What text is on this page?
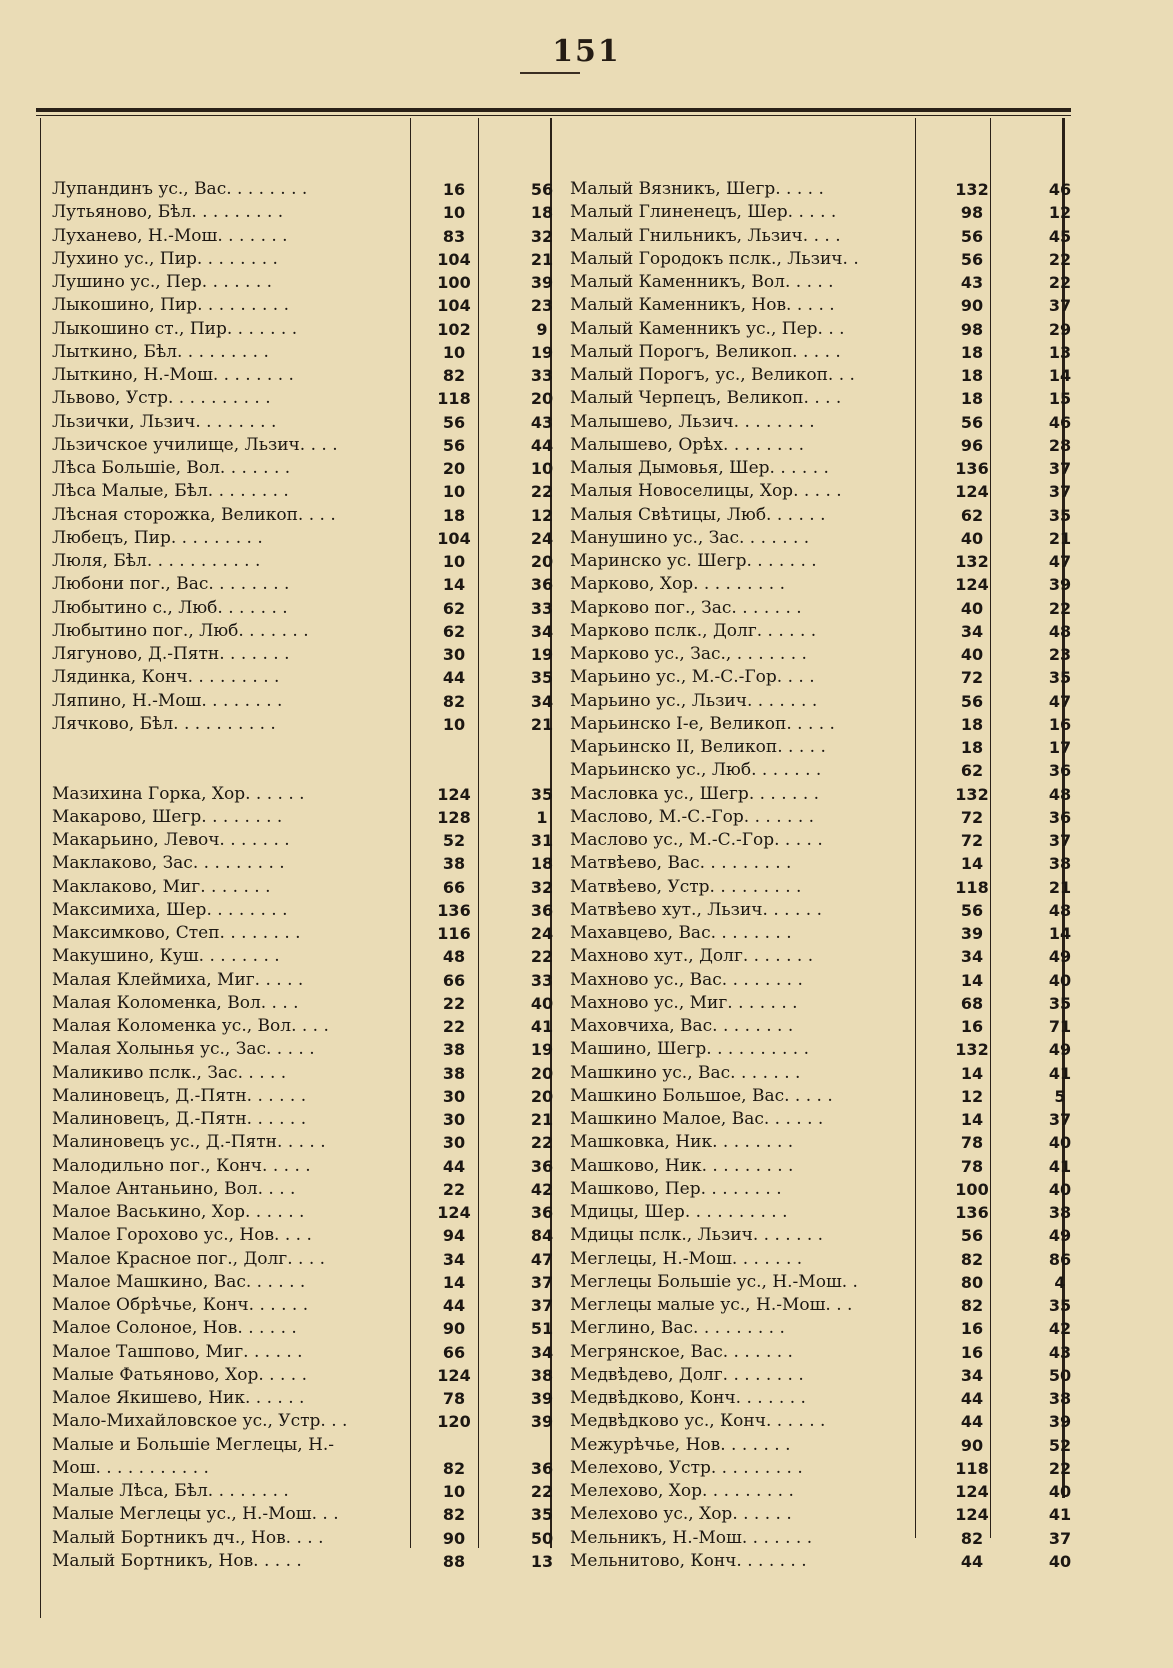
151
Лупандинъ ус., Вас. . . . . . . .	16	56
Лутьяново, Бѣл. . . . . . . . .	10	18
Луханево, Н.-Мош. . . . . . .	83	32
Лухино ус., Пир. . . . . . . .	104	21
Лушино ус., Пер. . . . . . .	100	39
Лыкошино, Пир. . . . . . . . .	104	23
Лыкошино ст., Пир. . . . . . .	102	9
Лыткино, Бѣл. . . . . . . . .	10	19
Лыткино, Н.-Мош. . . . . . . .	82	33
Львово, Устр. . . . . . . . . .	118	20
Льзички, Льзич. . . . . . . .	56	43
Льзичское училище, Льзич. . . .	56	44
Лѣса Большіе, Вол. . . . . . .	20	10
Лѣса Малые, Бѣл. . . . . . . .	10	22
Лѣсная сторожка, Великоп. . . .	18	12
Любецъ, Пир. . . . . . . . .	104	24
Люля, Бѣл. . . . . . . . . . .	10	20
Любони пог., Вас. . . . . . . .	14	36
Любытино с., Люб. . . . . . .	62	33
Любытино пог., Люб. . . . . . .	62	34
Лягуново, Д.-Пятн. . . . . . .	30	19
Лядинка, Конч. . . . . . . . .	44	35
Ляпино, Н.-Мош. . . . . . . .	82	34
Лячково, Бѣл. . . . . . . . . .	10	21
Мазихина Горка, Хор. . . . . .	124	35
Макарово, Шегр. . . . . . . .	128	1
Макарьино, Левоч. . . . . . .	52	31
Маклаково, Зас. . . . . . . . .	38	18
Маклаково, Миг. . . . . . .	66	32
Максимиха, Шер. . . . . . . .	136	36
Максимково, Степ. . . . . . . .	116	24
Макушино, Куш. . . . . . . .	48	22
Малая Клеймиха, Миг. . . . .	66	33
Малая Коломенка, Вол. . . .	22	40
Малая Коломенка ус., Вол. . . .	22	41
Малая Холынья ус., Зас. . . . .	38	19
Маликиво пслк., Зас. . . . .	38	20
Малиновецъ, Д.-Пятн. . . . . .	30	20
Малиновецъ, Д.-Пятн. . . . . .	30	21
Малиновецъ ус., Д.-Пятн. . . . .	30	22
Малодильно пог., Конч. . . . .	44	36
Малое Антаньино, Вол. . . .	22	42
Малое Васькино, Хор. . . . . .	124	36
Малое Горохово ус., Нов. . . .	94	84
Малое Красное пог., Долг. . . .	34	47
Малое Машкино, Вас. . . . . .	14	37
Малое Обрѣчье, Конч. . . . . .	44	37
Малое Солоное, Нов. . . . . .	90	51
Малое Ташпово, Миг. . . . . .	66	34
Малые Фатьяново, Хор. . . . .	124	38
Малое Якишево, Ник. . . . . .	78	39
Мало-Михайловское ус., Устр. . .	120	39
Малые и Большіе Меглецы, Н.-
Мош. . . . . . . . . . .	82	36
Малые Лѣса, Бѣл. . . . . . . .	10	22
Малые Меглецы ус., Н.-Мош. . .	82	35
Малый Бортникъ дч., Нов. . . .	90	50
Малый Бортникъ, Нов. . . . .	88	13
Малый Вязникъ, Шегр. . . . .	132	46
Малый Глиненецъ, Шер. . . . .	98	12
Малый Гнильникъ, Льзич. . . .	56	45
Малый Городокъ пслк., Льзич. .	56	22
Малый Каменникъ, Вол. . . . .	43	22
Малый Каменникъ, Нов. . . . .	90	37
Малый Каменникъ ус., Пер. . .	98	29
Малый Порогъ, Великоп. . . . .	18	13
Малый Порогъ, ус., Великоп. . .	18	14
Малый Черпецъ, Великоп. . . .	18	15
Малышево, Льзич. . . . . . . .	56	46
Малышево, Орѣх. . . . . . . .	96	28
Малыя Дымовья, Шер. . . . . .	136	37
Малыя Новоселицы, Хор. . . . .	124	37
Малыя Свѣтицы, Люб. . . . . .	62	35
Манушино ус., Зас. . . . . . .	40	21
Маринско ус. Шегр. . . . . . .	132	47
Марково, Хор. . . . . . . . .	124	39
Марково пог., Зас. . . . . . .	40	22
Марково пслк., Долг. . . . . .	34	48
Марково ус., Зас., . . . . . . .	40	23
Марьино ус., М.-С.-Гор. . . .	72	35
Марьино ус., Льзич. . . . . . .	56	47
Марьинско I-е, Великоп. . . . .	18	16
Марьинско II, Великоп. . . . .	18	17
Марьинско ус., Люб. . . . . . .	62	36
Масловка ус., Шегр. . . . . . .	132	48
Маслово, М.-С.-Гор. . . . . . .	72	36
Маслово ус., М.-С.-Гор. . . . .	72	37
Матвѣево, Вас. . . . . . . . .	14	38
Матвѣево, Устр. . . . . . . . .	118	21
Матвѣево хут., Льзич. . . . . .	56	48
Махавцево, Вас. . . . . . . .	39	14
Махново хут., Долг. . . . . . .	34	49
Махново ус., Вас. . . . . . . .	14	40
Махново ус., Миг. . . . . . .	68	35
Маховчиха, Вас. . . . . . . .	16	71
Машино, Шегр. . . . . . . . . .	132	49
Машкино ус., Вас. . . . . . .	14	41
Машкино Большое, Вас. . . . .	12	5
Машкино Малое, Вас. . . . . .	14	37
Машковка, Ник. . . . . . . .	78	40
Машково, Ник. . . . . . . . .	78	41
Машково, Пер. . . . . . . .	100	40
Мдицы, Шер. . . . . . . . . .	136	38
Мдицы пслк., Льзич. . . . . . .	56	49
Меглецы, Н.-Мош. . . . . . .	82	86
Меглецы Большіе ус., Н.-Мош. .	80	4
Меглецы малые ус., Н.-Мош. . .	82	35
Меглино, Вас. . . . . . . . .	16	42
Мегрянское, Вас. . . . . . .	16	43
Медвѣдево, Долг. . . . . . . .	34	50
Медвѣдково, Конч. . . . . . .	44	38
Медвѣдково ус., Конч. . . . . .	44	39
Межурѣчье, Нов. . . . . . .	90	52
Мелехово, Устр. . . . . . . . .	118	22
Мелехово, Хор. . . . . . . . .	124	40
Мелехово ус., Хор. . . . . .	124	41
Мельникъ, Н.-Мош. . . . . . .	82	37
Мельнитово, Конч. . . . . . .	44	40
